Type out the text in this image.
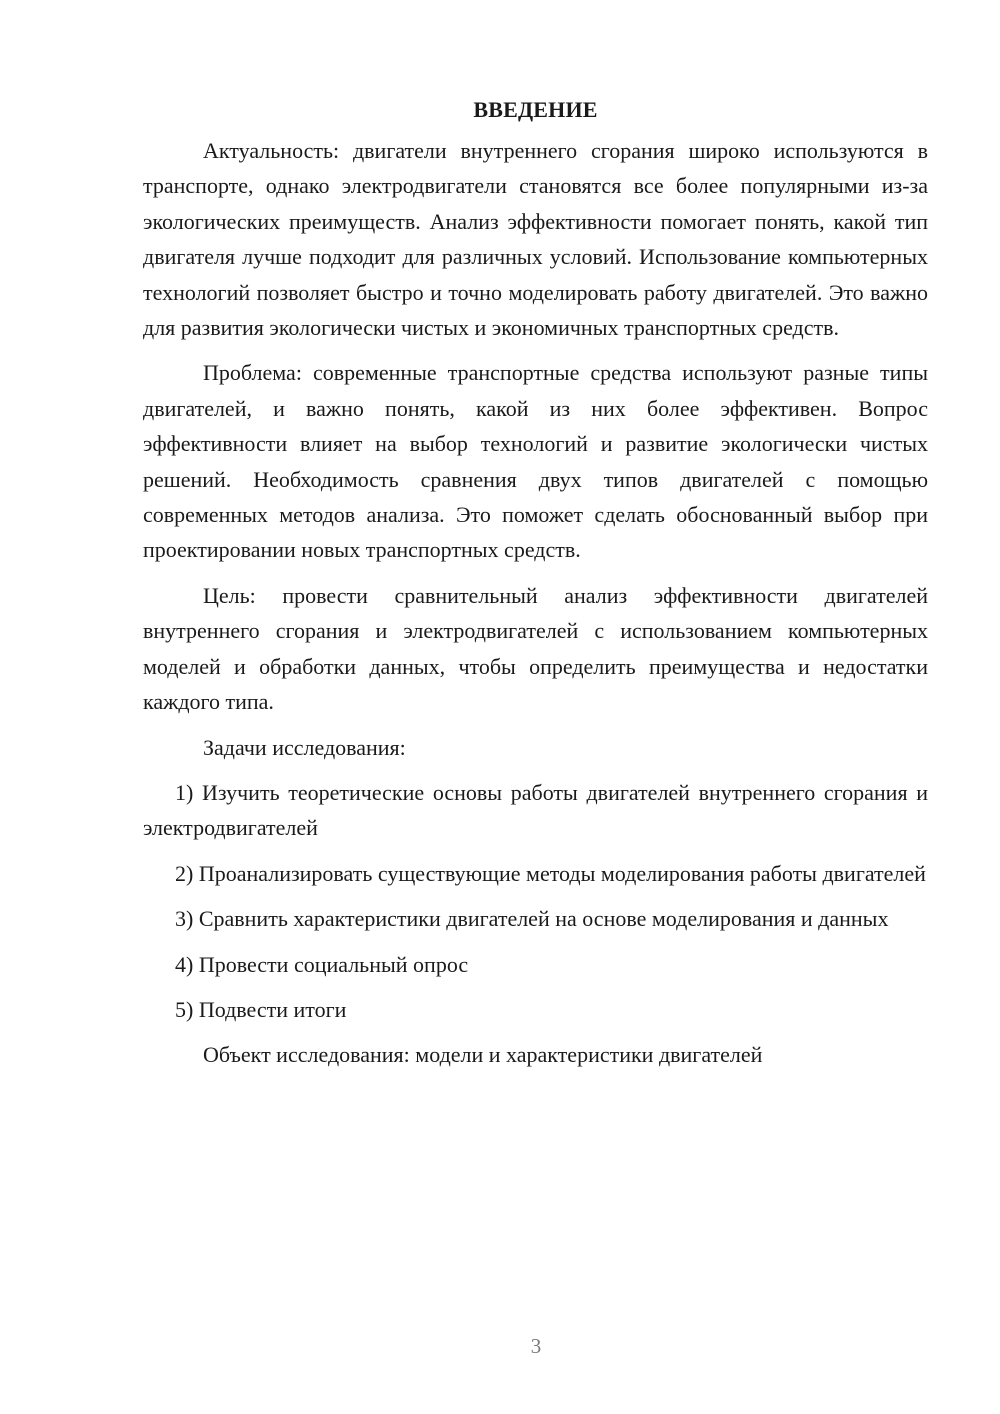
ВВЕДЕНИЕ

Актуальность: двигатели внутреннего сгорания широко используются в транспорте, однако электродвигатели становятся все более популярными из-за экологических преимуществ. Анализ эффективности помогает понять, какой тип двигателя лучше подходит для различных условий. Использование компьютерных технологий позволяет быстро и точно моделировать работу двигателей. Это важно для развития экологически чистых и экономичных транспортных средств.

Проблема: современные транспортные средства используют разные типы двигателей, и важно понять, какой из них более эффективен. Вопрос эффективности влияет на выбор технологий и развитие экологически чистых решений. Необходимость сравнения двух типов двигателей с помощью современных методов анализа. Это поможет сделать обоснованный выбор при проектировании новых транспортных средств.

Цель: провести сравнительный анализ эффективности двигателей внутреннего сгорания и электродвигателей с использованием компьютерных моделей и обработки данных, чтобы определить преимущества и недостатки каждого типа.

Задачи исследования:

1) Изучить теоретические основы работы двигателей внутреннего сгорания и электродвигателей

2) Проанализировать существующие методы моделирования работы двигателей

3) Сравнить характеристики двигателей на основе моделирования и данных

4) Провести социальный опрос

5) Подвести итоги

Объект исследования: модели и характеристики двигателей

3
